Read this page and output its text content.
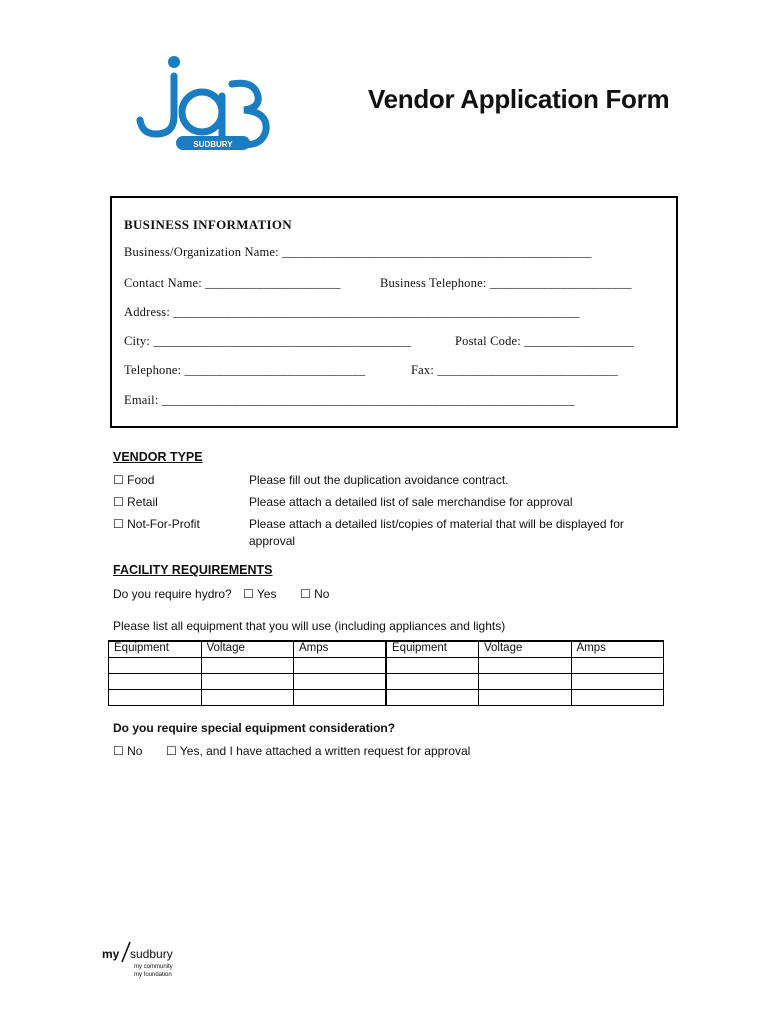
SUDBURY
Vendor Application Form
BUSINESS INFORMATION
Business/Organization Name: ________________________________________________
Contact Name: _____________________	Business Telephone: ______________________
Address: _______________________________________________________________
City: ________________________________________	Postal Code: _________________
Telephone: ____________________________	Fax: ____________________________
Email: ________________________________________________________________
VENDOR TYPE
☐ Food	Please fill out the duplication avoidance contract.
☐ Retail	Please attach a detailed list of sale merchandise for approval
☐ Not-For-Profit	Please attach a detailed list/copies of material that will be displayed for approval
FACILITY REQUIREMENTS
Do you require hydro? ☐ Yes ☐ No
Please list all equipment that you will use (including appliances and lights)
Equipment	Voltage	Amps	Equipment	Voltage	Amps

Do you require special equipment consideration?
☐ No ☐ Yes, and I have attached a written request for approval
my sudbury
my community
my foundation
